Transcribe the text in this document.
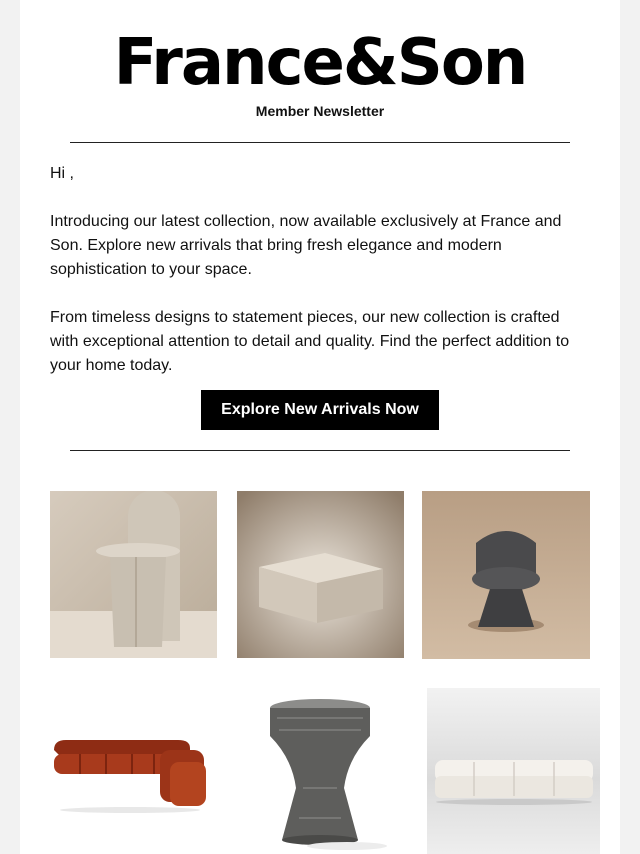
France&Son
Member Newsletter
Hi ,
Introducing our latest collection, now available exclusively at France and Son. Explore new arrivals that bring fresh elegance and modern sophistication to your space.
From timeless designs to statement pieces, our new collection is crafted with exceptional attention to detail and quality. Find the perfect addition to your home today.
Explore New Arrivals Now
